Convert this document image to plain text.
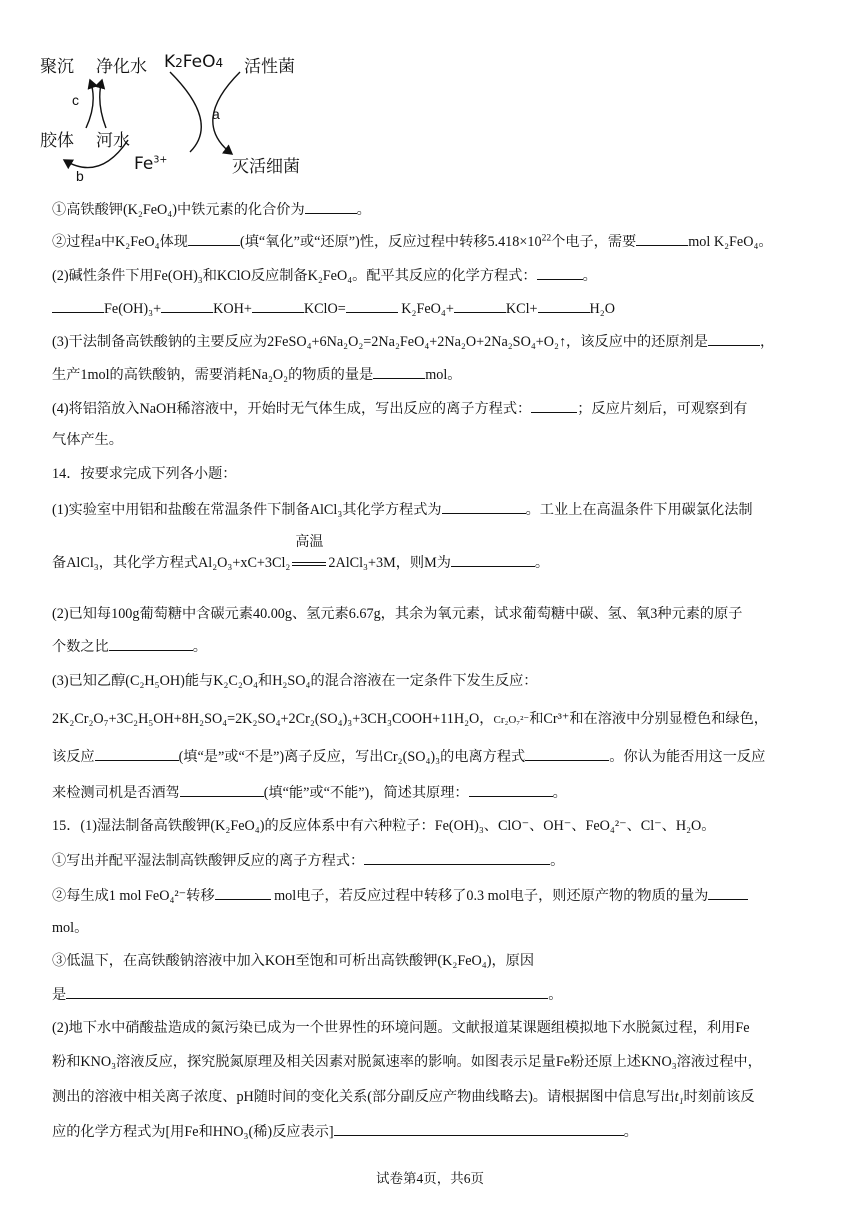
聚沉 净化水 K2FeO4 活性菌
胶体 河水
$Fe^{3+}$	灭活细菌
c
a
b
①高铁酸钾(K₂FeO₄)中铁元素的化合价为	。
②过程a中K₂FeO₄体现	(填“氧化”或“还原”)性，反应过程中转移$5.418\times 10^{22}$个电子，需要	mol K₂FeO₄。
(2)碱性条件下用Fe(OH)₃和KClO反应制备K₂FeO₄。配平其反应的化学方程式：	。
Fe(OH)₃+	KOH+	KClO=	K₂FeO₄+	KCl+	H₂O
(3)干法制备高铁酸钠的主要反应为2FeSO₄+6Na₂O₂=2Na₂FeO₄+2Na₂O+2Na₂SO₄+O₂↑，该反应中的还原剂是	，
生产1mol的高铁酸钠，需要消耗Na₂O₂的物质的量是	mol。
(4)将铝箔放入NaOH稀溶液中，开始时无气体生成，写出反应的离子方程式：	；反应片刻后，可观察到有
气体产生。
14．按要求完成下列各小题：
(1)实验室中用铝和盐酸在常温条件下制备AlCl₃其化学方程式为	。工业上在高温条件下用碳氯化法制
备AlCl₃，其化学方程式Al₂O₃+xC+3Cl₂
高温
2AlCl₃+3M，则M为	。
(2)已知每100g葡萄糖中含碳元素40.00g、氢元素6.67g，其余为氧元素，试求葡萄糖中碳、氢、氧3种元素的原子
个数之比	。
(3)已知乙醇(C₂H₅OH)能与K₂C₂O₄和H₂SO₄的混合溶液在一定条件下发生反应：
2K₂Cr₂O₇+3C₂H₅OH+8H₂SO₄=2K₂SO₄+2Cr₂(SO₄)₃+3CH₃COOH+11H₂O，Cr₂O₇²⁻和Cr³⁺和在溶液中分别显橙色和绿色，
该反应	(填“是”或“不是”)离子反应，写出Cr₂(SO₄)₃的电离方程式	。你认为能否用这一反应
来检测司机是否酒驾	(填“能”或“不能”)，简述其原理：	。
15．(1)湿法制备高铁酸钾(K₂FeO₄)的反应体系中有六种粒子：Fe(OH)₃、ClO⁻、OH⁻、FeO₄²⁻、Cl⁻、H₂O。
①写出并配平湿法制高铁酸钾反应的离子方程式：	。
②每生成1 mol FeO₄²⁻转移	mol电子，若反应过程中转移了0.3 mol电子，则还原产物的物质的量为
mol。
③低温下，在高铁酸钠溶液中加入KOH至饱和可析出高铁酸钾(K₂FeO₄)，原因
是	。
(2)地下水中硝酸盐造成的氮污染已成为一个世界性的环境问题。文献报道某课题组模拟地下水脱氮过程，利用Fe
粉和KNO₃溶液反应，探究脱氮原理及相关因素对脱氮速率的影响。如图表示足量Fe粉还原上述KNO₃溶液过程中，
测出的溶液中相关离子浓度、pH随时间的变化关系(部分副反应产物曲线略去)。请根据图中信息写出t₁时刻前该反
应的化学方程式为[用Fe和HNO₃(稀)反应表示]	。
试卷第4页，共6页
